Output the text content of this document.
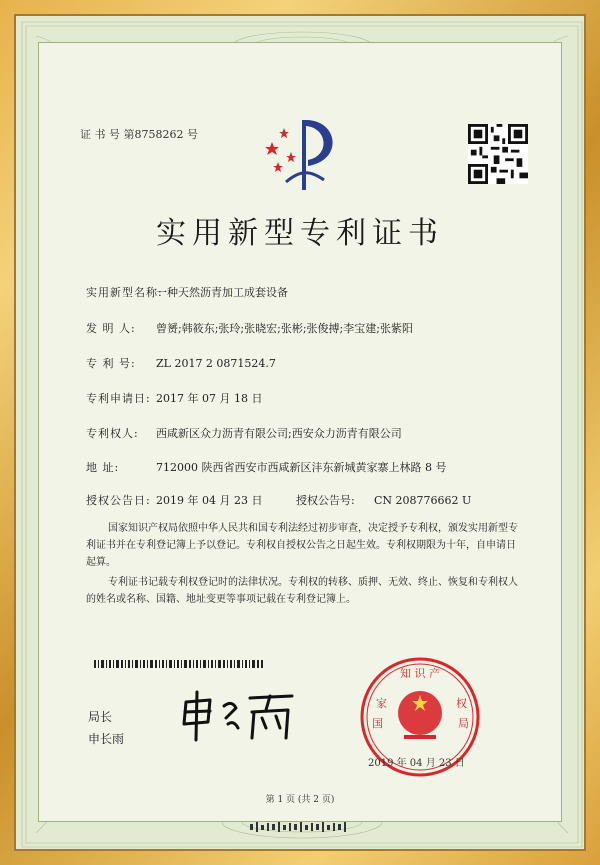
证 书 号 第8758262 号
实用新型专利证书
实用新型名称:一种天然沥青加工成套设备
发 明 人: 曾赟;韩筱东;张玲;张晓宏;张彬;张俊搏;李宝建;张紫阳
专 利 号: ZL 2017 2 0871524.7
专利申请日: 2017 年 07 月 18 日
专利权人: 西咸新区众力沥青有限公司;西安众力沥青有限公司
地 址:	712000 陕西省西安市西咸新区沣东新城黄家寨上林路 8 号
授权公告日: 2019 年 04 月 23 日	授权公告号: CN 208776662 U
国家知识产权局依照中华人民共和国专利法经过初步审查，决定授予专利权，颁发实用新型专利证书并在专利登记簿上予以登记。专利权自授权公告之日起生效。专利权期限为十年，自申请日起算。
专利证书记载专利权登记时的法律状况。专利权的转移、质押、无效、终止、恢复和专利权人的姓名或名称、国籍、地址变更等事项记载在专利登记簿上。
局长
申长雨
知 识 产
家
国
权
局
2019 年 04 月 23 日
第 1 页 (共 2 页)
